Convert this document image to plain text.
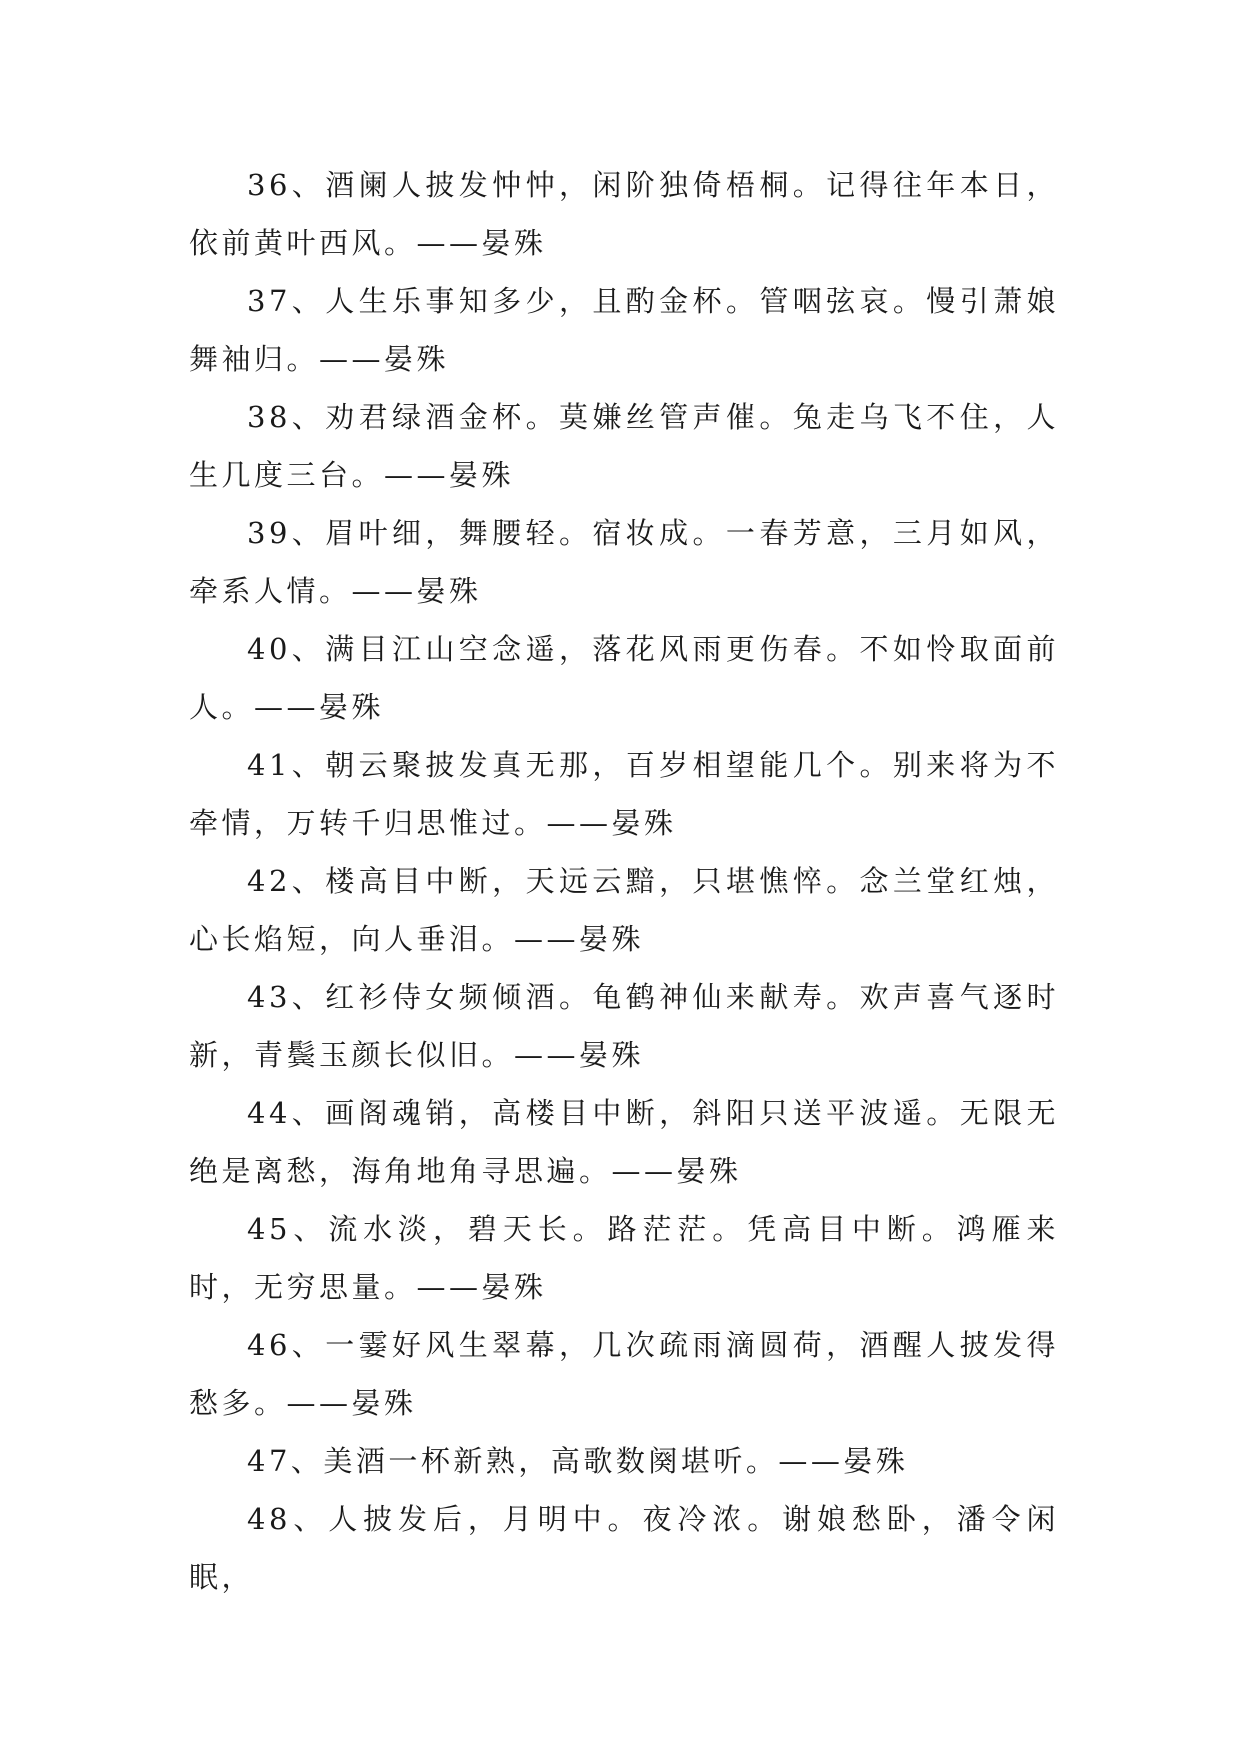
36、酒阑人披发忡忡，闲阶独倚梧桐。记得往年本日，依前黄叶西风。——晏殊

37、人生乐事知多少，且酌金杯。管咽弦哀。慢引萧娘舞袖归。——晏殊

38、劝君绿酒金杯。莫嫌丝管声催。兔走乌飞不住，人生几度三台。——晏殊

39、眉叶细，舞腰轻。宿妆成。一春芳意，三月如风，牵系人情。——晏殊

40、满目江山空念遥，落花风雨更伤春。不如怜取面前人。——晏殊

41、朝云聚披发真无那，百岁相望能几个。别来将为不牵情，万转千归思惟过。——晏殊

42、楼高目中断，天远云黯，只堪憔悴。念兰堂红烛，心长焰短，向人垂泪。——晏殊

43、红衫侍女频倾酒。龟鹤神仙来献寿。欢声喜气逐时新，青鬓玉颜长似旧。——晏殊

44、画阁魂销，高楼目中断，斜阳只送平波遥。无限无绝是离愁，海角地角寻思遍。——晏殊

45、流水淡，碧天长。路茫茫。凭高目中断。鸿雁来时，无穷思量。——晏殊

46、一霎好风生翠幕，几次疏雨滴圆荷，酒醒人披发得愁多。——晏殊

47、美酒一杯新熟，高歌数阕堪听。——晏殊

48、人披发后，月明中。夜冷浓。谢娘愁卧，潘令闲眠，
